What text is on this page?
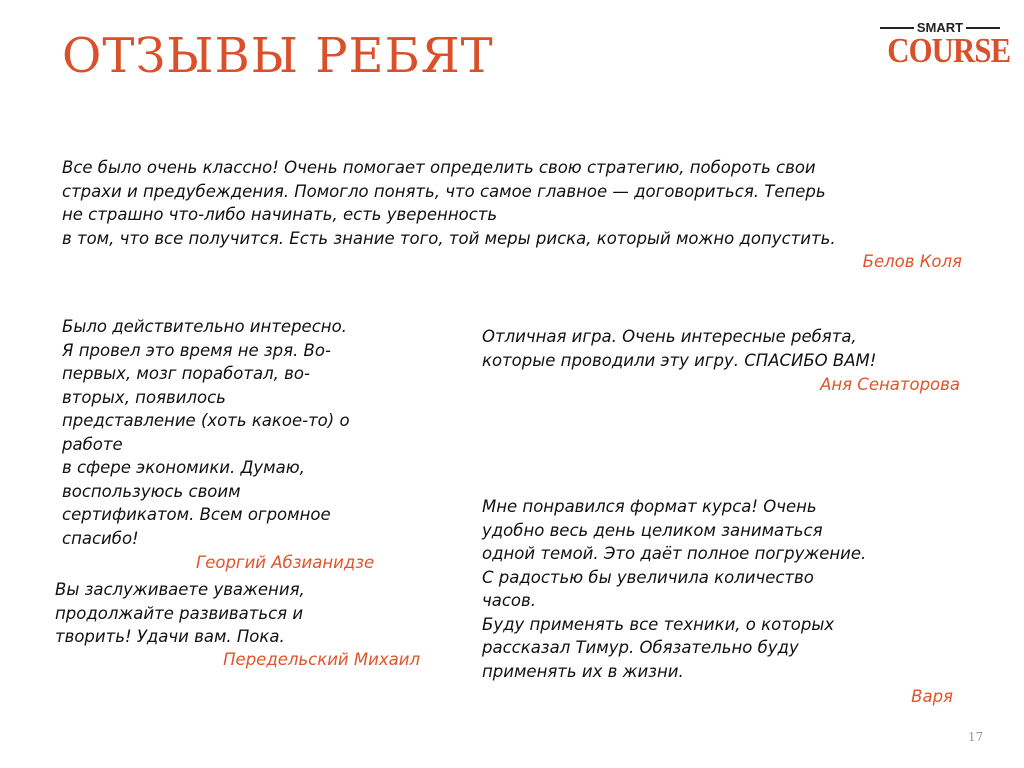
ОТЗЫВЫ РЕБЯТ
SMART
COURSE
Все было очень классно! Очень помогает определить свою стратегию, побороть свои
страхи и предубеждения. Помогло понять, что самое главное — договориться. Теперь
не страшно что-либо начинать, есть уверенность
в том, что все получится. Есть знание того, той меры риска, который можно допустить.
Белов Коля
Было действительно интересно.
Я провел это время не зря. Во-
первых, мозг поработал, во-
вторых, появилось
представление (хоть какое-то) о
работе
в сфере экономики. Думаю,
воспользуюсь своим
сертификатом. Всем огромное
спасибо!
Георгий Абзианидзе
Вы заслуживаете уважения,
продолжайте развиваться и
творить! Удачи вам. Пока.
Передельский Михаил
Отличная игра. Очень интересные ребята,
которые проводили эту игру. СПАСИБО ВАМ!
Аня Сенаторова
Мне понравился формат курса! Очень
удобно весь день целиком заниматься
одной темой. Это даёт полное погружение.
С радостью бы увеличила количество
часов.
Буду применять все техники, о которых
рассказал Тимур. Обязательно буду
применять их в жизни.
Варя
17
